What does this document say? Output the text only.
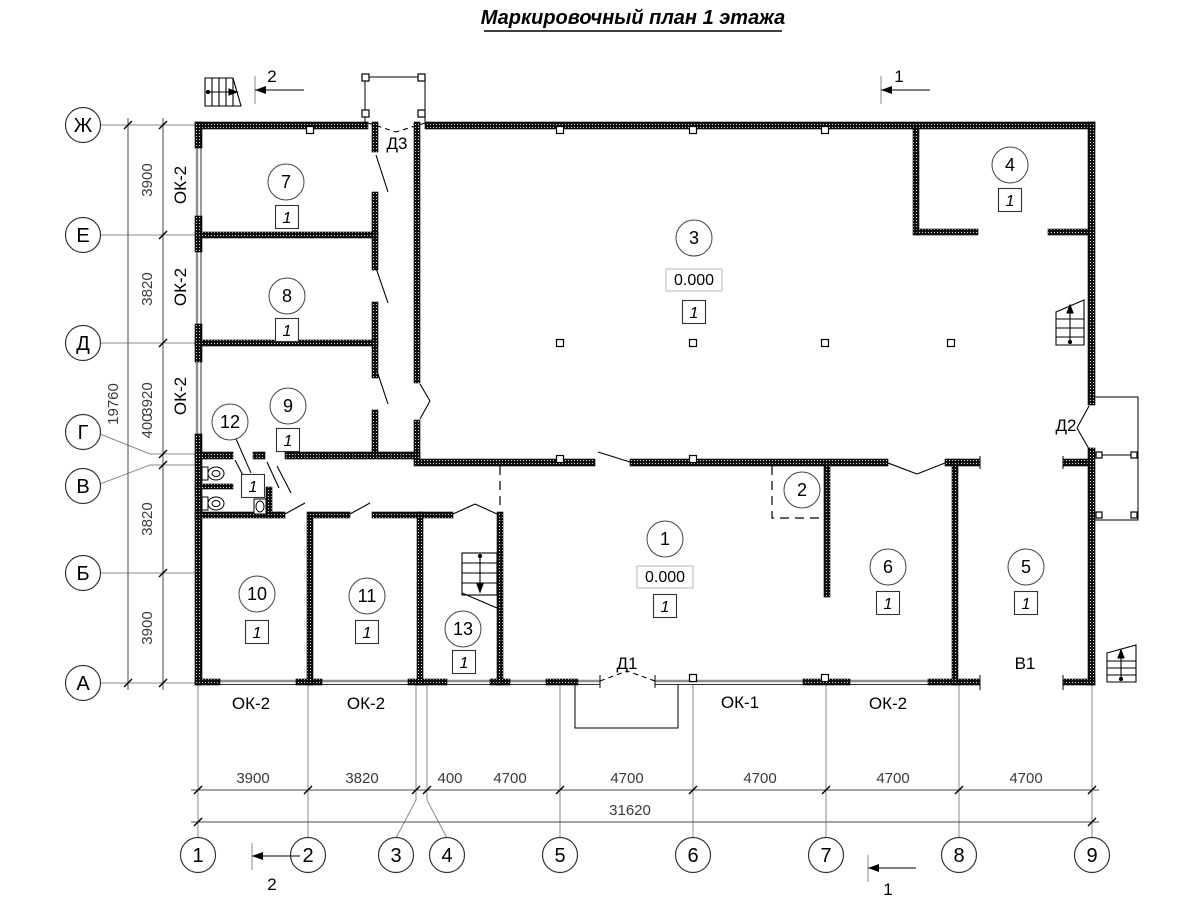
Маркировочный план 1 этажа
3900
3820
3920
400
3820
3900
19760
3900	3820	400 4700	4700	4700	4700	4700
31620
Ж
Е
Д
Г
В
Б
А
1	2	3 4	5	6	7	8	9
2
2
1
1
1
0.000
1
2
3
0.000
1
4
1
5
1
6
1
7
1
8
1
9
1
10
1
11
1
12
1
13
1
Д3
Д2
Д1	В1
ОК-2
ОК-2
ОК-2
ОК-2	ОК-2	ОК-1	ОК-2
